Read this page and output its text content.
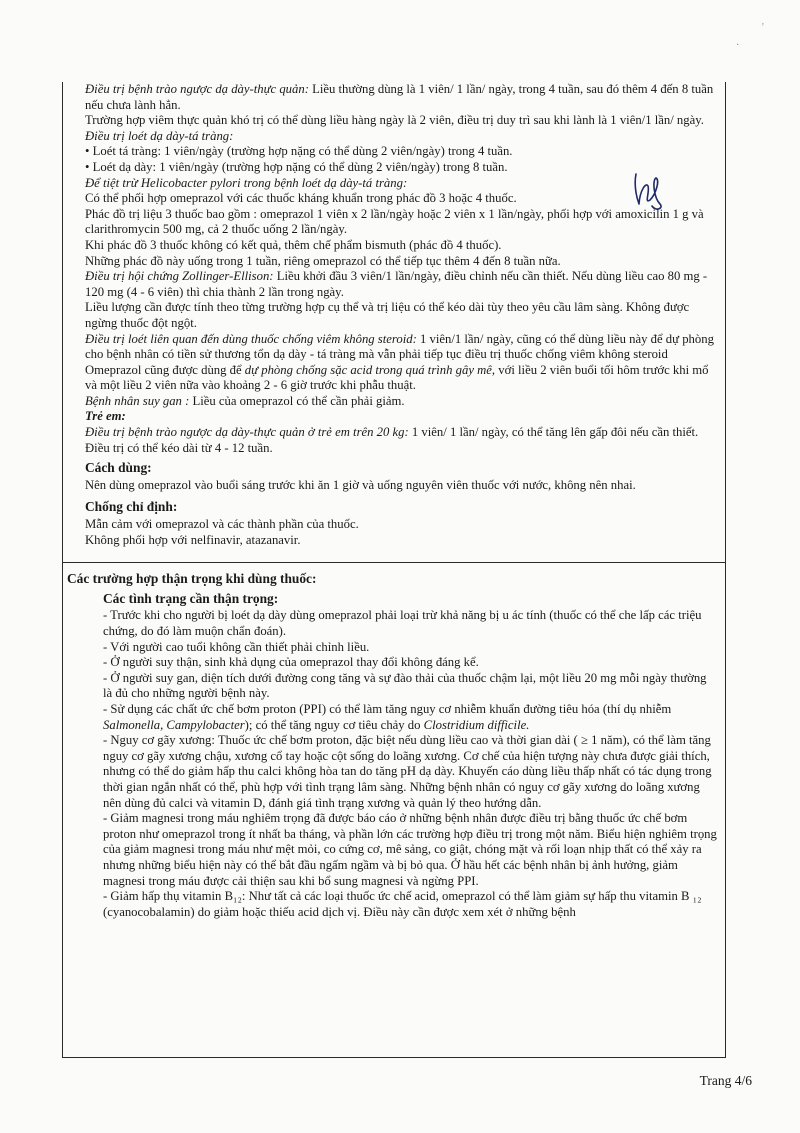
Điều trị bệnh trào ngược dạ dày-thực quản: Liều thường dùng là 1 viên/ 1 lần/ ngày, trong 4 tuần, sau đó thêm 4 đến 8 tuần nếu chưa lành hẳn.

Trường hợp viêm thực quản khó trị có thể dùng liều hàng ngày là 2 viên, điều trị duy trì sau khi lành là 1 viên/1 lần/ ngày.

Điều trị loét dạ dày-tá tràng:

• Loét tá tràng: 1 viên/ngày (trường hợp nặng có thể dùng 2 viên/ngày) trong 4 tuần.

• Loét dạ dày: 1 viên/ngày (trường hợp nặng có thể dùng 2 viên/ngày) trong 8 tuần.

Để tiệt trừ Helicobacter pylori trong bệnh loét dạ dày-tá tràng:

Có thể phối hợp omeprazol với các thuốc kháng khuẩn trong phác đồ 3 hoặc 4 thuốc.

Phác đồ trị liệu 3 thuốc bao gồm : omeprazol 1 viên x 2 lần/ngày hoặc 2 viên x 1 lần/ngày, phối hợp với amoxicilin 1 g và clarithromycin 500 mg, cả 2 thuốc uống 2 lần/ngày.

Khi phác đồ 3 thuốc không có kết quả, thêm chế phẩm bismuth (phác đồ 4 thuốc).

Những phác đồ này uống trong 1 tuần, riêng omeprazol có thể tiếp tục thêm 4 đến 8 tuần nữa.

Điều trị hội chứng Zollinger-Ellison: Liều khởi đầu 3 viên/1 lần/ngày, điều chỉnh nếu cần thiết. Nếu dùng liều cao 80 mg - 120 mg (4 - 6 viên) thì chia thành 2 lần trong ngày.

Liều lượng cần được tính theo từng trường hợp cụ thể và trị liệu có thể kéo dài tùy theo yêu cầu lâm sàng. Không được ngừng thuốc đột ngột.

Điều trị loét liên quan đến dùng thuốc chống viêm không steroid: 1 viên/1 lần/ ngày, cũng có thể dùng liều này để dự phòng cho bệnh nhân có tiền sử thương tổn dạ dày - tá tràng mà vẫn phải tiếp tục điều trị thuốc chống viêm không steroid

Omeprazol cũng được dùng để dự phòng chống sặc acid trong quá trình gây mê, với liều 2 viên buổi tối hôm trước khi mổ và một liều 2 viên nữa vào khoảng 2 - 6 giờ trước khi phẫu thuật.

Bệnh nhân suy gan : Liều của omeprazol có thể cần phải giảm.

Trẻ em:

Điều trị bệnh trào ngược dạ dày-thực quản ở trẻ em trên 20 kg: 1 viên/ 1 lần/ ngày, có thể tăng lên gấp đôi nếu cần thiết. Điều trị có thể kéo dài từ 4 - 12 tuần.

Cách dùng:

Nên dùng omeprazol vào buổi sáng trước khi ăn 1 giờ và uống nguyên viên thuốc với nước, không nên nhai.

Chống chỉ định:

Mẫn cảm với omeprazol và các thành phần của thuốc.

Không phối hợp với nelfinavir, atazanavir.

Các trường hợp thận trọng khi dùng thuốc:

Các tình trạng cần thận trọng:

- Trước khi cho người bị loét dạ dày dùng omeprazol phải loại trừ khả năng bị u ác tính (thuốc có thể che lấp các triệu chứng, do đó làm muộn chẩn đoán).

- Với người cao tuổi không cần thiết phải chỉnh liều.

- Ở người suy thận, sinh khả dụng của omeprazol thay đổi không đáng kể.

- Ở người suy gan, diện tích dưới đường cong tăng và sự đào thải của thuốc chậm lại, một liều 20 mg mỗi ngày thường là đủ cho những người bệnh này.

- Sử dụng các chất ức chế bơm proton (PPI) có thể làm tăng nguy cơ nhiễm khuẩn đường tiêu hóa (thí dụ nhiễm Salmonella, Campylobacter); có thể tăng nguy cơ tiêu chảy do Clostridium difficile.

- Nguy cơ gãy xương: Thuốc ức chế bơm proton, đặc biệt nếu dùng liều cao và thời gian dài ( ≥ 1 năm), có thể làm tăng nguy cơ gãy xương chậu, xương cổ tay hoặc cột sống do loãng xương. Cơ chế của hiện tượng này chưa được giải thích, nhưng có thể do giảm hấp thu calci không hòa tan do tăng pH dạ dày. Khuyến cáo dùng liều thấp nhất có tác dụng trong thời gian ngắn nhất có thể, phù hợp với tình trạng lâm sàng. Những bệnh nhân có nguy cơ gãy xương do loãng xương nên dùng đủ calci và vitamin D, đánh giá tình trạng xương và quản lý theo hướng dẫn.

- Giảm magnesi trong máu nghiêm trọng đã được báo cáo ở những bệnh nhân được điều trị bằng thuốc ức chế bơm proton như omeprazol trong ít nhất ba tháng, và phần lớn các trường hợp điều trị trong một năm. Biểu hiện nghiêm trọng của giảm magnesi trong máu như mệt mỏi, co cứng cơ, mê sảng, co giật, chóng mặt và rối loạn nhịp thất có thể xảy ra nhưng những biểu hiện này có thể bắt đầu ngấm ngầm và bị bỏ qua. Ở hầu hết các bệnh nhân bị ảnh hưởng, giảm magnesi trong máu được cải thiện sau khi bổ sung magnesi và ngừng PPI.

- Giảm hấp thụ vitamin B₁₂: Như tất cả các loại thuốc ức chế acid, omeprazol có thể làm giảm sự hấp thu vitamin B ₁₂ (cyanocobalamin) do giảm hoặc thiếu acid dịch vị. Điều này cần được xem xét ở những bệnh

·
'
Trang 4/6
